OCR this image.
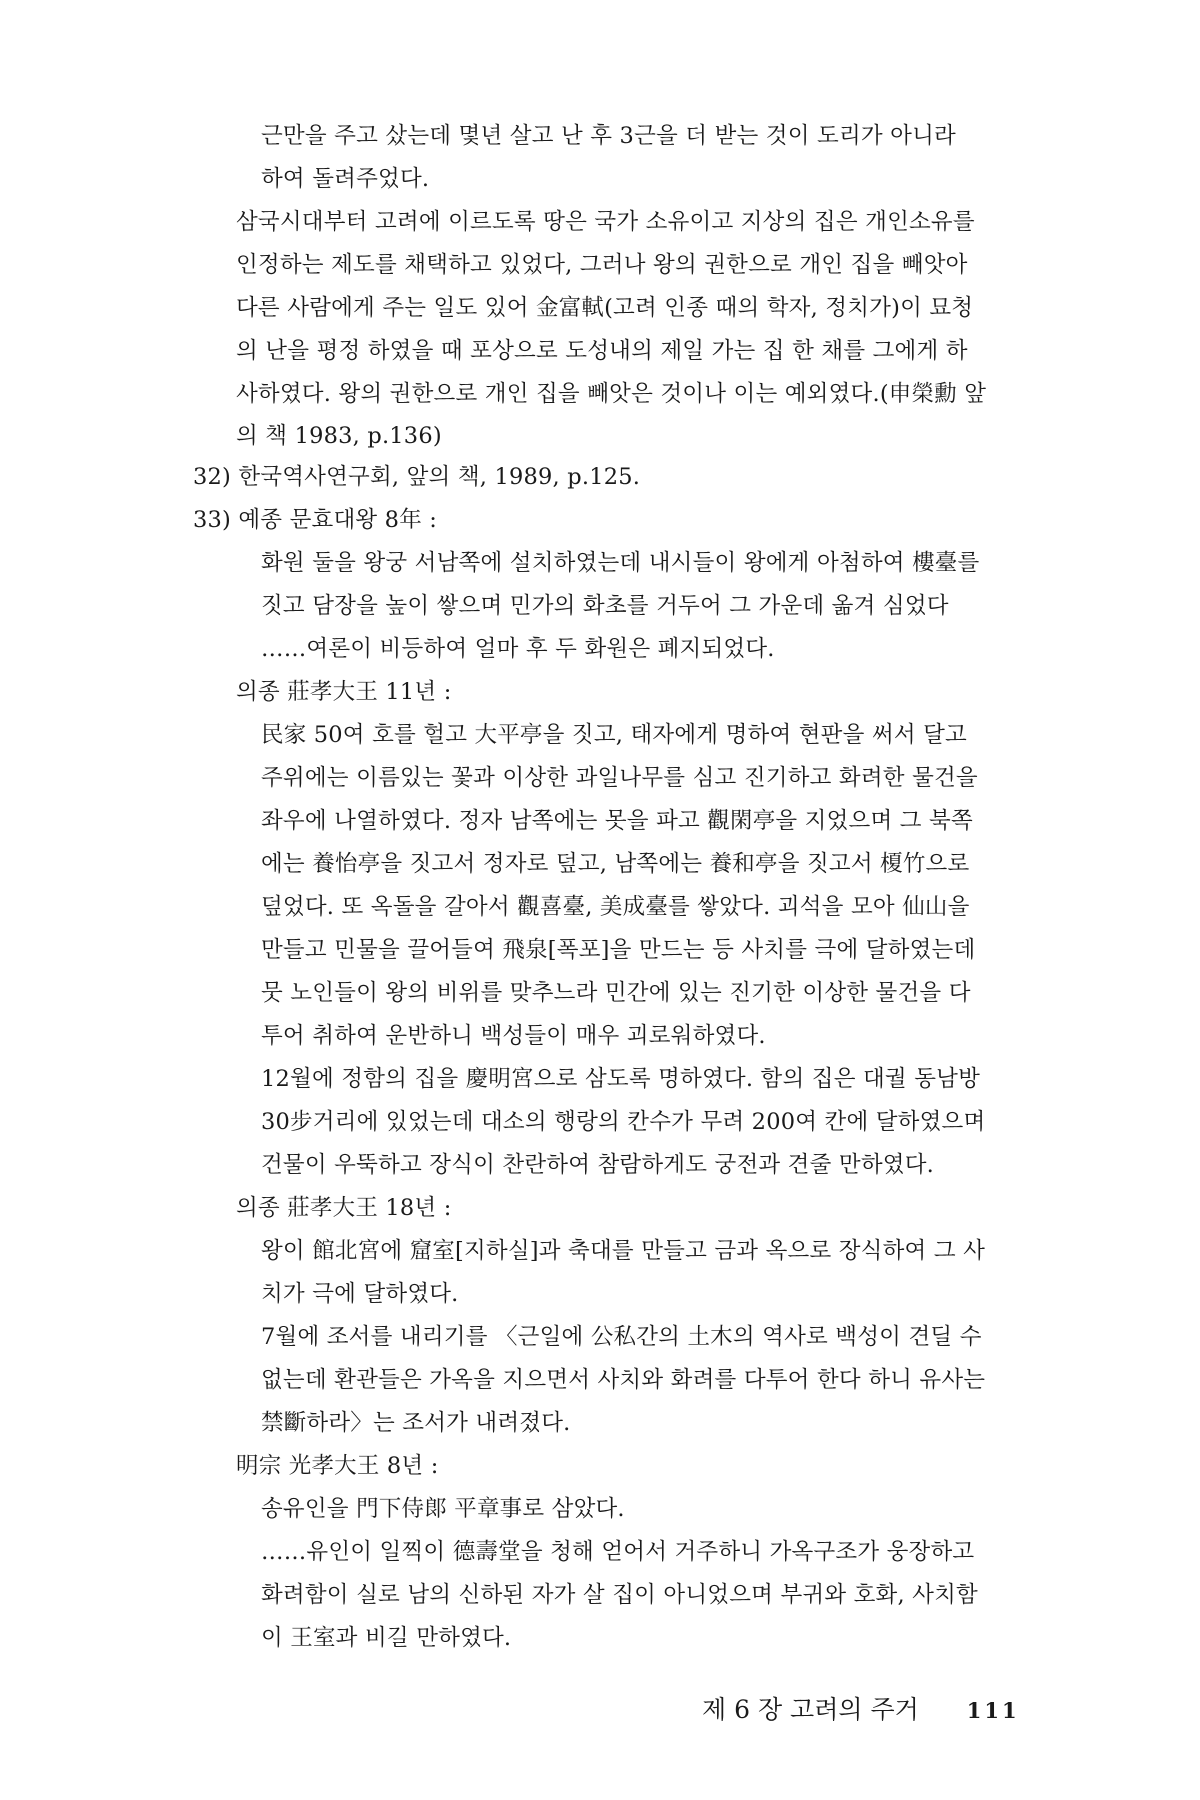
근만을 주고 샀는데 몇년 살고 난 후 3근을 더 받는 것이 도리가 아니라
하여 돌려주었다.
삼국시대부터 고려에 이르도록 땅은 국가 소유이고 지상의 집은 개인소유를
인정하는 제도를 채택하고 있었다, 그러나 왕의 권한으로 개인 집을 빼앗아
다른 사람에게 주는 일도 있어 金富軾(고려 인종 때의 학자, 정치가)이 묘청
의 난을 평정 하였을 때 포상으로 도성내의 제일 가는 집 한 채를 그에게 하
사하였다. 왕의 권한으로 개인 집을 빼앗은 것이나 이는 예외였다.(申榮勳 앞
의 책 1983, p.136)
32) 한국역사연구회, 앞의 책, 1989, p.125.
33) 예종 문효대왕 8年 :
화원 둘을 왕궁 서남쪽에 설치하였는데 내시들이 왕에게 아첨하여 樓臺를
짓고 담장을 높이 쌓으며 민가의 화초를 거두어 그 가운데 옮겨 심었다
……여론이 비등하여 얼마 후 두 화원은 폐지되었다.
의종 莊孝大王 11년 :
民家 50여 호를 헐고 大平亭을 짓고, 태자에게 명하여 현판을 써서 달고
주위에는 이름있는 꽃과 이상한 과일나무를 심고 진기하고 화려한 물건을
좌우에 나열하였다. 정자 남쪽에는 못을 파고 觀閑亭을 지었으며 그 북쪽
에는 養怡亭을 짓고서 정자로 덮고, 남쪽에는 養和亭을 짓고서 榎竹으로
덮었다. 또 옥돌을 갈아서 觀喜臺, 美成臺를 쌓았다. 괴석을 모아 仙山을
만들고 민물을 끌어들여 飛泉[폭포]을 만드는 등 사치를 극에 달하였는데
뭇 노인들이 왕의 비위를 맞추느라 민간에 있는 진기한 이상한 물건을 다
투어 취하여 운반하니 백성들이 매우 괴로워하였다.
12월에 정함의 집을 慶明宮으로 삼도록 명하였다. 함의 집은 대궐 동남방
30步거리에 있었는데 대소의 행랑의 칸수가 무려 200여 칸에 달하였으며
건물이 우뚝하고 장식이 찬란하여 참람하게도 궁전과 견줄 만하였다.
의종 莊孝大王 18년 :
왕이 館北宮에 窟室[지하실]과 축대를 만들고 금과 옥으로 장식하여 그 사
치가 극에 달하였다.
7월에 조서를 내리기를 〈근일에 公私간의 土木의 역사로 백성이 견딜 수
없는데 환관들은 가옥을 지으면서 사치와 화려를 다투어 한다 하니 유사는
禁斷하라〉는 조서가 내려졌다.
明宗 光孝大王 8년 :
송유인을 門下侍郞 平章事로 삼았다.
……유인이 일찍이 德壽堂을 청해 얻어서 거주하니 가옥구조가 웅장하고
화려함이 실로 남의 신하된 자가 살 집이 아니었으며 부귀와 호화, 사치함
이 王室과 비길 만하였다.
제 6 장 고려의 주거 111
